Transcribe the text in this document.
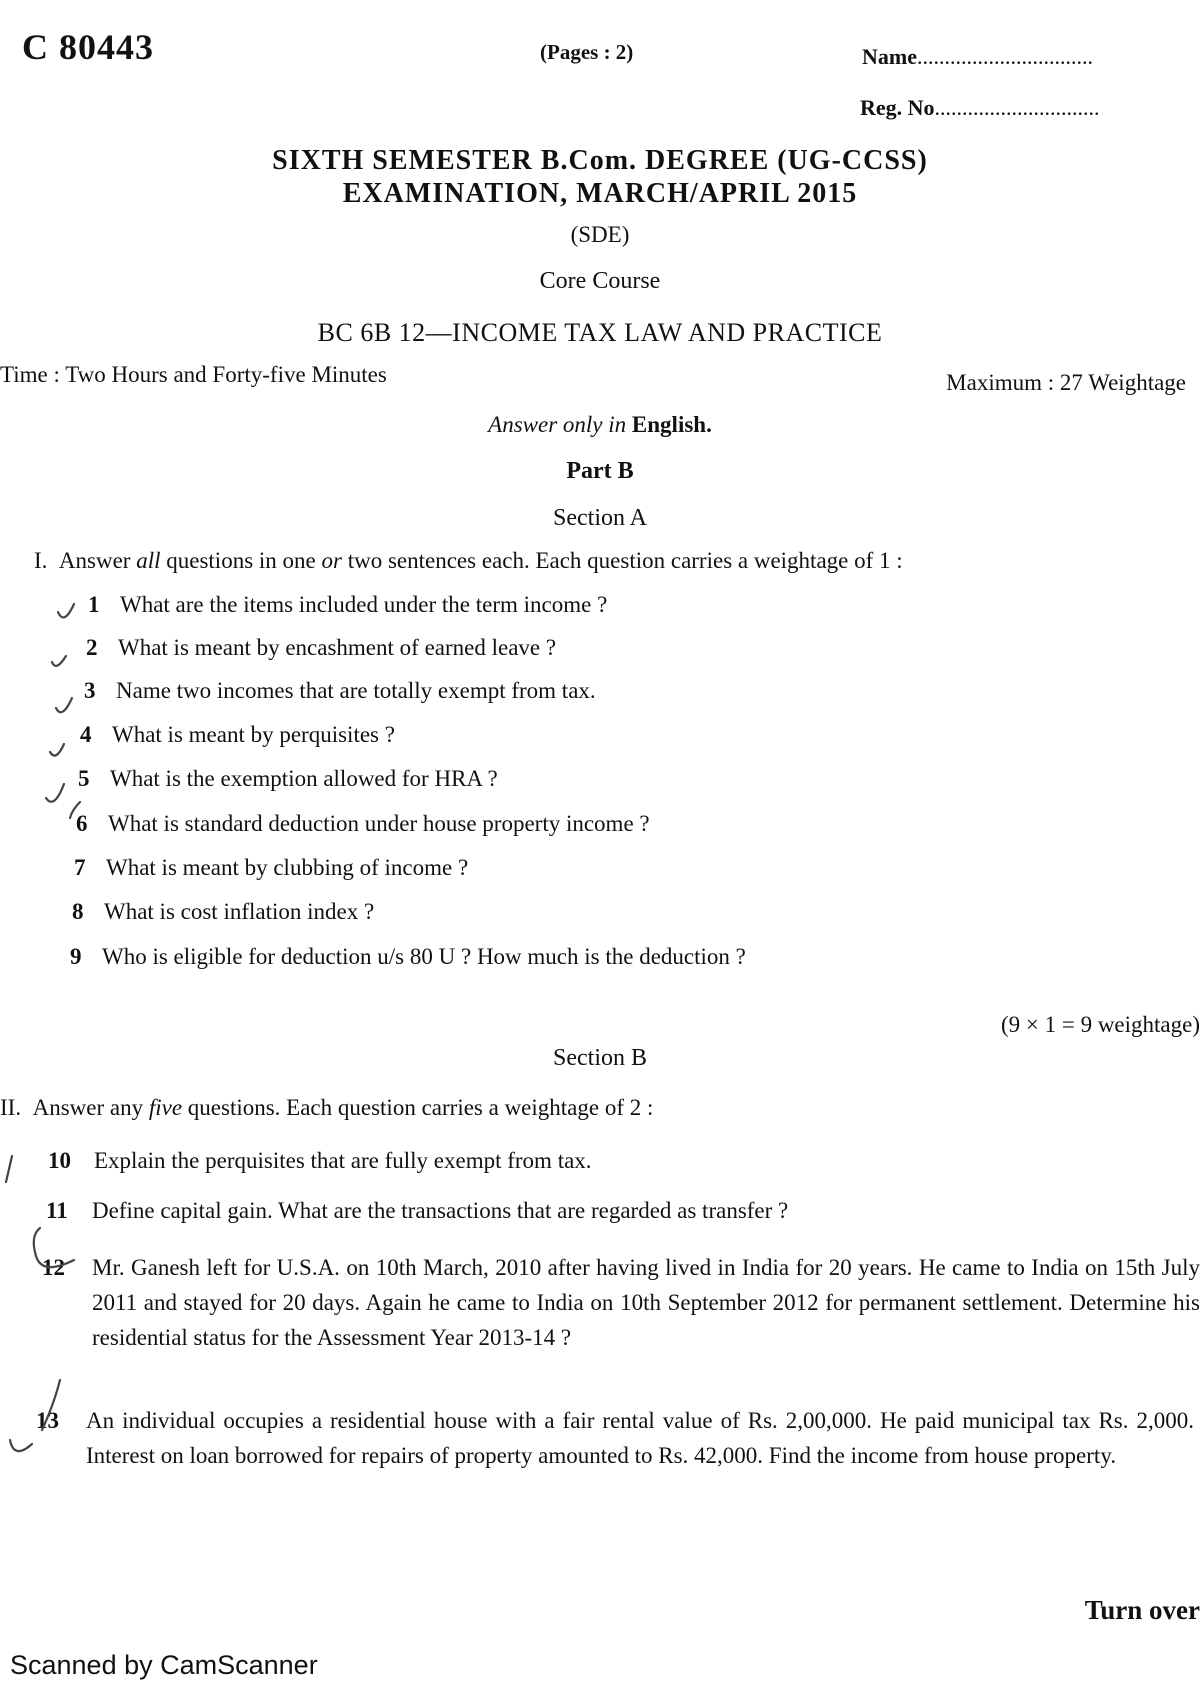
C 80443	(Pages : 2)	Name................................
Reg. No..............................
SIXTH SEMESTER B.Com. DEGREE (UG-CCSS)
EXAMINATION, MARCH/APRIL 2015
(SDE)
Core Course
BC 6B 12—INCOME TAX LAW AND PRACTICE
Time : Two Hours and Forty-five Minutes	Maximum : 27 Weightage
Answer only in English.
Part B
Section A
I. Answer all questions in one or two sentences each. Each question carries a weightage of 1 :
1 What are the items included under the term income ?
2 What is meant by encashment of earned leave ?
3 Name two incomes that are totally exempt from tax.
4 What is meant by perquisites ?
5 What is the exemption allowed for HRA ?
6 What is standard deduction under house property income ?
7 What is meant by clubbing of income ?
8 What is cost inflation index ?
9 Who is eligible for deduction u/s 80 U ? How much is the deduction ?
(9 × 1 = 9 weightage)
Section B
II. Answer any five questions. Each question carries a weightage of 2 :
10 Explain the perquisites that are fully exempt from tax.
11 Define capital gain. What are the transactions that are regarded as transfer ?
12	Mr. Ganesh left for U.S.A. on 10th March, 2010 after having lived in India for 20 years. He came to India on 15th July 2011 and stayed for 20 days. Again he came to India on 10th September 2012 for permanent settlement. Determine his residential status for the Assessment Year 2013-14 ?
13	An individual occupies a residential house with a fair rental value of Rs. 2,00,000. He paid municipal tax Rs. 2,000. Interest on loan borrowed for repairs of property amounted to Rs. 42,000. Find the income from house property.
Turn over
Scanned by CamScanner
